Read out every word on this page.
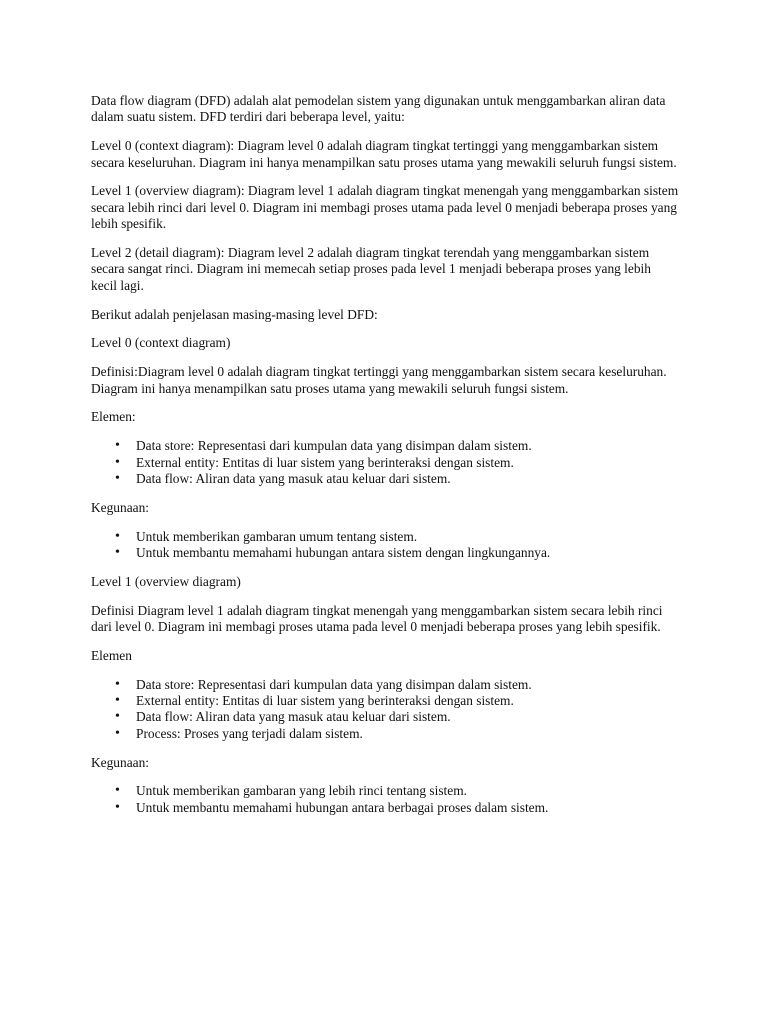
Data flow diagram (DFD) adalah alat pemodelan sistem yang digunakan untuk menggambarkan aliran data dalam suatu sistem. DFD terdiri dari beberapa level, yaitu:

Level 0 (context diagram): Diagram level 0 adalah diagram tingkat tertinggi yang menggambarkan sistem secara keseluruhan. Diagram ini hanya menampilkan satu proses utama yang mewakili seluruh fungsi sistem.

Level 1 (overview diagram): Diagram level 1 adalah diagram tingkat menengah yang menggambarkan sistem secara lebih rinci dari level 0. Diagram ini membagi proses utama pada level 0 menjadi beberapa proses yang lebih spesifik.

Level 2 (detail diagram): Diagram level 2 adalah diagram tingkat terendah yang menggambarkan sistem secara sangat rinci. Diagram ini memecah setiap proses pada level 1 menjadi beberapa proses yang lebih kecil lagi.

Berikut adalah penjelasan masing-masing level DFD:

Level 0 (context diagram)

Definisi:Diagram level 0 adalah diagram tingkat tertinggi yang menggambarkan sistem secara keseluruhan. Diagram ini hanya menampilkan satu proses utama yang mewakili seluruh fungsi sistem.

Elemen:

• Data store: Representasi dari kumpulan data yang disimpan dalam sistem.
• External entity: Entitas di luar sistem yang berinteraksi dengan sistem.
• Data flow: Aliran data yang masuk atau keluar dari sistem.

Kegunaan:

• Untuk memberikan gambaran umum tentang sistem.
• Untuk membantu memahami hubungan antara sistem dengan lingkungannya.

Level 1 (overview diagram)

Definisi Diagram level 1 adalah diagram tingkat menengah yang menggambarkan sistem secara lebih rinci dari level 0. Diagram ini membagi proses utama pada level 0 menjadi beberapa proses yang lebih spesifik.

Elemen

• Data store: Representasi dari kumpulan data yang disimpan dalam sistem.
• External entity: Entitas di luar sistem yang berinteraksi dengan sistem.
• Data flow: Aliran data yang masuk atau keluar dari sistem.
• Process: Proses yang terjadi dalam sistem.

Kegunaan:

• Untuk memberikan gambaran yang lebih rinci tentang sistem.
• Untuk membantu memahami hubungan antara berbagai proses dalam sistem.
